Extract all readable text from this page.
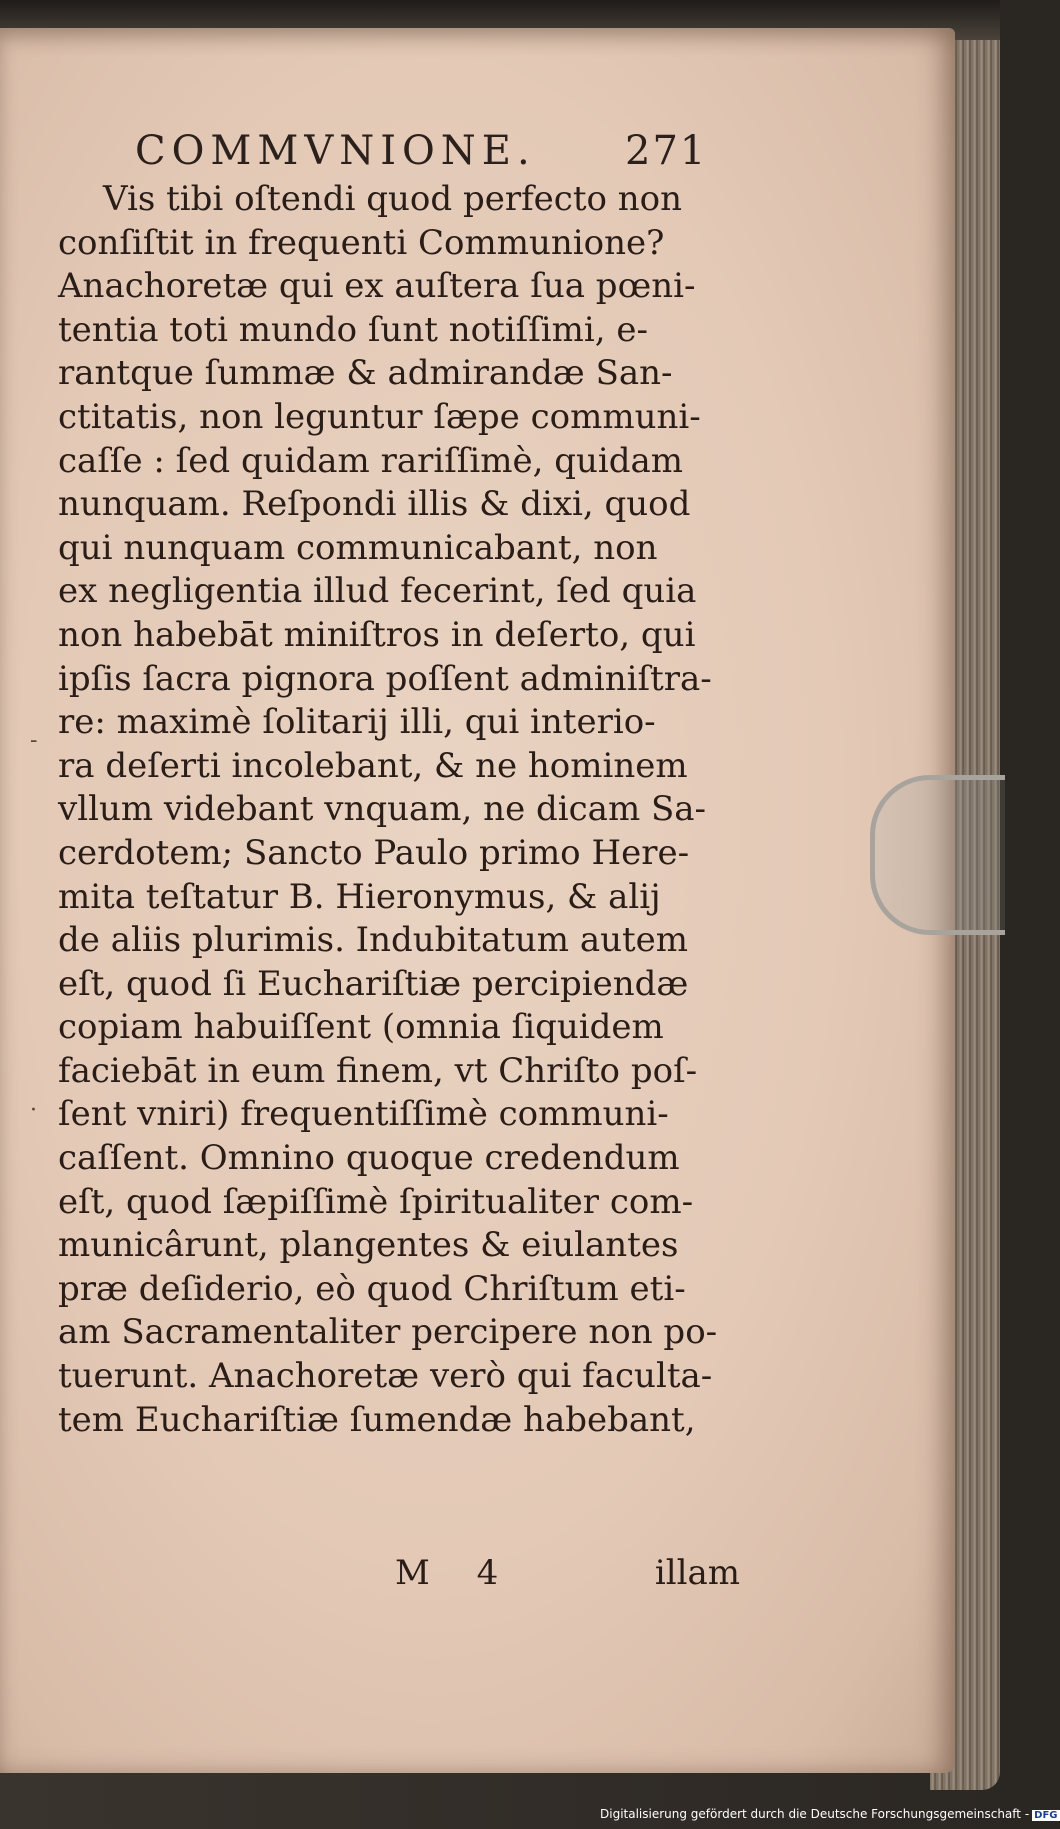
COMMVNIONE. 271
Vis tibi oſtendi quod perfecto non
conſiſtit in frequenti Communione?
Anachoretæ qui ex auſtera ſua pœni-
tentia toti mundo ſunt notiſſimi, e-
rantque ſummæ & admirandæ San-
ctitatis, non leguntur ſæpe communi-
caſſe : ſed quidam rariſſimè, quidam
nunquam. Reſpondi illis & dixi, quod
qui nunquam communicabant, non
ex negligentia illud fecerint, ſed quia
non habebāt miniſtros in deſerto, qui
ipſis ſacra pignora poſſent adminiſtra-
re: maximè ſolitarij illi, qui interio-
ra deſerti incolebant, & ne hominem
vllum videbant vnquam, ne dicam Sa-
cerdotem; Sancto Paulo primo Here-
mita teſtatur B. Hieronymus, & alij
de aliis plurimis. Indubitatum autem
eſt, quod ſi Euchariſtiæ percipiendæ
copiam habuiſſent (omnia ſiquidem
faciebāt in eum finem, vt Chriſto poſ-
ſent vniri) frequentiſſimè communi-
caſſent. Omnino quoque credendum
eſt, quod ſæpiſſimè ſpiritualiter com-
municârunt, plangentes & eiulantes
præ deſiderio, eò quod Chriſtum eti-
am Sacramentaliter percipere non po-
tuerunt. Anachoretæ verò qui faculta-
tem Euchariſtiæ ſumendæ habebant,
M 4	illam
-
·
Digitalisierung gefördert durch die Deutsche Forschungsgemeinschaft - DFG
